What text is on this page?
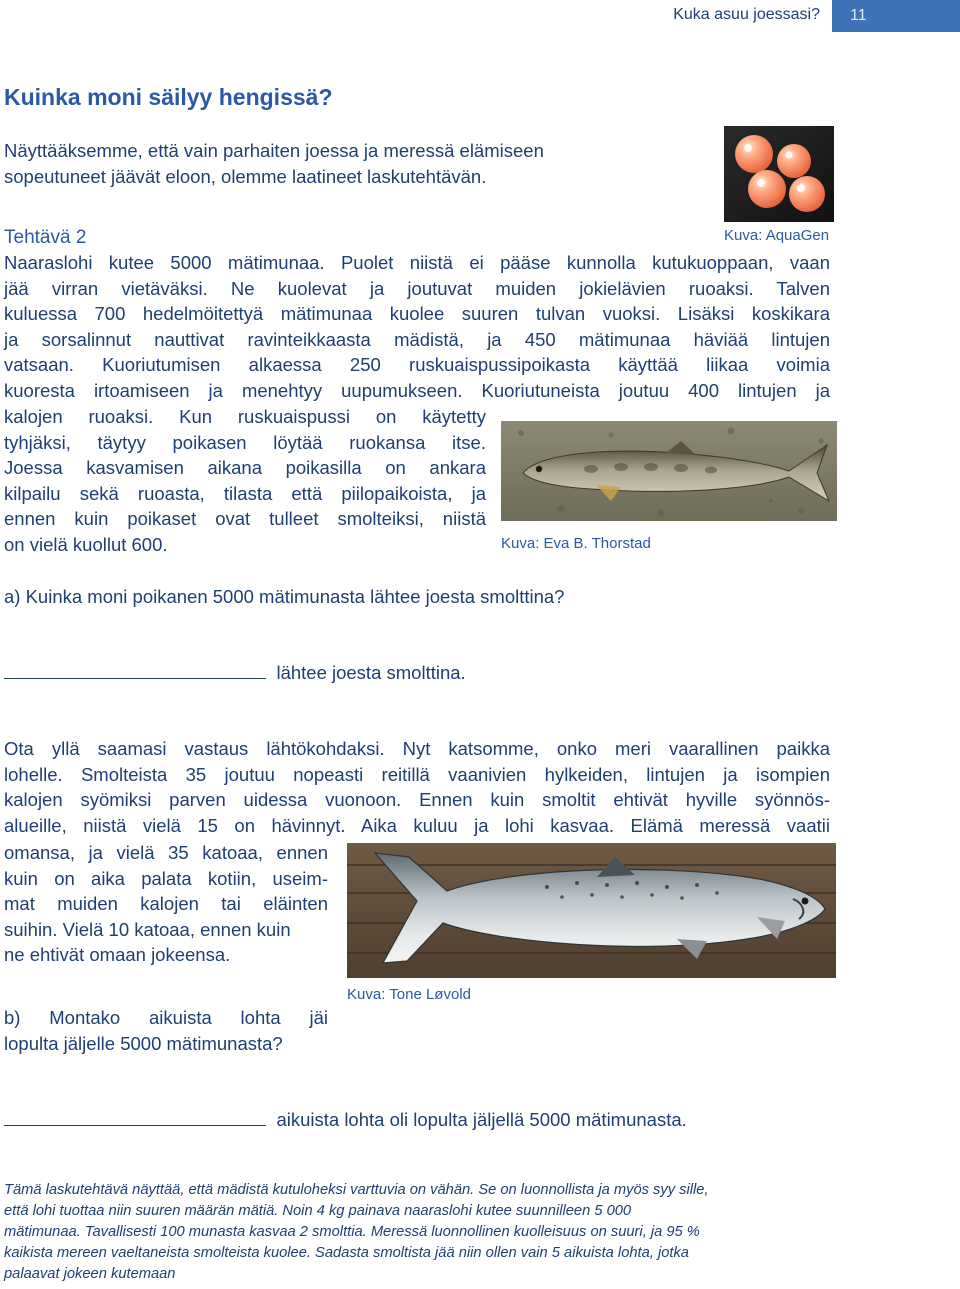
Kuka asuu joessasi?	11
Kuinka moni säilyy hengissä?

Näyttääksemme, että vain parhaiten joessa ja meressä elämiseen

sopeutuneet jäävät eloon, olemme laatineet laskutehtävän.

Kuva: AquaGen
Tehtävä 2

Naaraslohi kutee 5000 mätimunaa. Puolet niistä ei pääse kunnolla kutukuoppaan, vaan

jää virran vietäväksi. Ne kuolevat ja joutuvat muiden jokielävien ruoaksi. Talven

kuluessa 700 hedelmöitettyä mätimunaa kuolee suuren tulvan vuoksi. Lisäksi koskikara

ja sorsalinnut nauttivat ravinteikkaasta mädistä, ja 450 mätimunaa häviää lintujen

vatsaan. Kuoriutumisen alkaessa 250 ruskuaispussipoikasta käyttää liikaa voimia

kuoresta irtoamiseen ja menehtyy uupumukseen. Kuoriutuneista joutuu 400 lintujen ja

kalojen ruoaksi. Kun ruskuaispussi on käytetty

tyhjäksi, täytyy poikasen löytää ruokansa itse.

Joessa kasvamisen aikana poikasilla on ankara

kilpailu sekä ruoasta, tilasta että piilopaikoista, ja

ennen kuin poikaset ovat tulleet smolteiksi, niistä

on vielä kuollut 600.	Kuva: Eva B. Thorstad

a) Kuinka moni poikanen 5000 mätimunasta lähtee joesta smolttina?

lähtee joesta smolttina.

Ota yllä saamasi vastaus lähtökohdaksi. Nyt katsomme, onko meri vaarallinen paikka

lohelle. Smolteista 35 joutuu nopeasti reitillä vaanivien hylkeiden, lintujen ja isompien

kalojen syömiksi parven uidessa vuonoon. Ennen kuin smoltit ehtivät hyville syönnös-

alueille, niistä vielä 15 on hävinnyt. Aika kuluu ja lohi kasvaa. Elämä meressä vaatii

omansa, ja vielä 35 katoaa, ennen

kuin on aika palata kotiin, useim-

mat muiden kalojen tai eläinten

suihin. Vielä 10 katoaa, ennen kuin

ne ehtivät omaan jokeensa.

Kuva: Tone Løvold

b) Montako aikuista lohta jäi

lopulta jäljelle 5000 mätimunasta?

aikuista lohta oli lopulta jäljellä 5000 mätimunasta.
Tämä laskutehtävä näyttää, että mädistä kutuloheksi varttuvia on vähän. Se on luonnollista ja myös syy sille,
että lohi tuottaa niin suuren määrän mätiä. Noin 4 kg painava naaraslohi kutee suunnilleen 5 000
mätimunaa. Tavallisesti 100 munasta kasvaa 2 smolttia. Meressä luonnollinen kuolleisuus on suuri, ja 95 %
kaikista mereen vaeltaneista smolteista kuolee. Sadasta smoltista jää niin ollen vain 5 aikuista lohta, jotka
palaavat jokeen kutemaan
